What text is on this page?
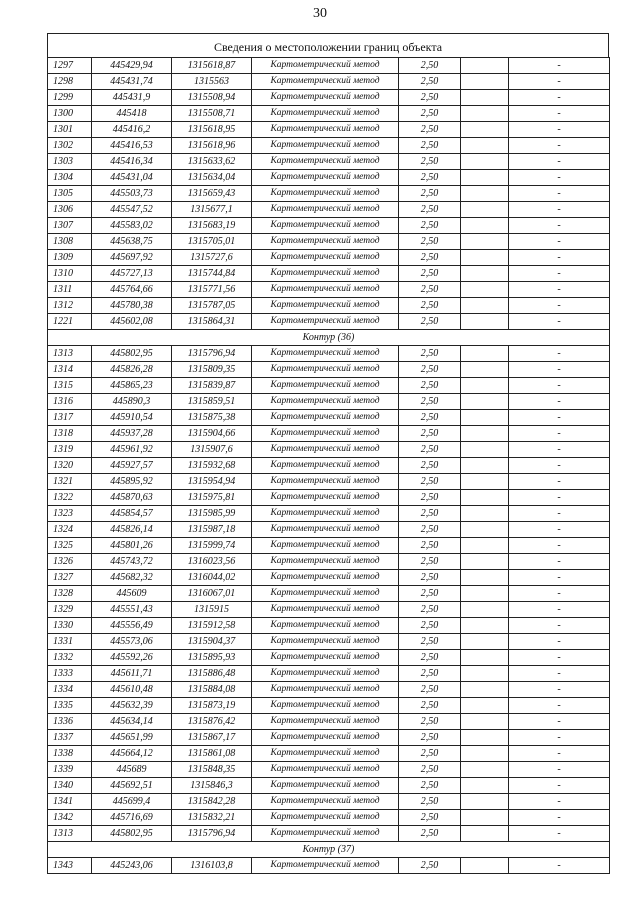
30
Сведения о местоположении границ объекта
1297	445429,94	1315618,87	Картометрический метод	2,50		-
1298	445431,74	1315563	Картометрический метод	2,50		-
1299	445431,9	1315508,94	Картометрический метод	2,50		-
1300	445418	1315508,71	Картометрический метод	2,50		-
1301	445416,2	1315618,95	Картометрический метод	2,50		-
1302	445416,53	1315618,96	Картометрический метод	2,50		-
1303	445416,34	1315633,62	Картометрический метод	2,50		-
1304	445431,04	1315634,04	Картометрический метод	2,50		-
1305	445503,73	1315659,43	Картометрический метод	2,50		-
1306	445547,52	1315677,1	Картометрический метод	2,50		-
1307	445583,02	1315683,19	Картометрический метод	2,50		-
1308	445638,75	1315705,01	Картометрический метод	2,50		-
1309	445697,92	1315727,6	Картометрический метод	2,50		-
1310	445727,13	1315744,84	Картометрический метод	2,50		-
1311	445764,66	1315771,56	Картометрический метод	2,50		-
1312	445780,38	1315787,05	Картометрический метод	2,50		-
1221	445602,08	1315864,31	Картометрический метод	2,50		-
Контур (36)						
1313	445802,95	1315796,94	Картометрический метод	2,50		-
1314	445826,28	1315809,35	Картометрический метод	2,50		-
1315	445865,23	1315839,87	Картометрический метод	2,50		-
1316	445890,3	1315859,51	Картометрический метод	2,50		-
1317	445910,54	1315875,38	Картометрический метод	2,50		-
1318	445937,28	1315904,66	Картометрический метод	2,50		-
1319	445961,92	1315907,6	Картометрический метод	2,50		-
1320	445927,57	1315932,68	Картометрический метод	2,50		-
1321	445895,92	1315954,94	Картометрический метод	2,50		-
1322	445870,63	1315975,81	Картометрический метод	2,50		-
1323	445854,57	1315985,99	Картометрический метод	2,50		-
1324	445826,14	1315987,18	Картометрический метод	2,50		-
1325	445801,26	1315999,74	Картометрический метод	2,50		-
1326	445743,72	1316023,56	Картометрический метод	2,50		-
1327	445682,32	1316044,02	Картометрический метод	2,50		-
1328	445609	1316067,01	Картометрический метод	2,50		-
1329	445551,43	1315915	Картометрический метод	2,50		-
1330	445556,49	1315912,58	Картометрический метод	2,50		-
1331	445573,06	1315904,37	Картометрический метод	2,50		-
1332	445592,26	1315895,93	Картометрический метод	2,50		-
1333	445611,71	1315886,48	Картометрический метод	2,50		-
1334	445610,48	1315884,08	Картометрический метод	2,50		-
1335	445632,39	1315873,19	Картометрический метод	2,50		-
1336	445634,14	1315876,42	Картометрический метод	2,50		-
1337	445651,99	1315867,17	Картометрический метод	2,50		-
1338	445664,12	1315861,08	Картометрический метод	2,50		-
1339	445689	1315848,35	Картометрический метод	2,50		-
1340	445692,51	1315846,3	Картометрический метод	2,50		-
1341	445699,4	1315842,28	Картометрический метод	2,50		-
1342	445716,69	1315832,21	Картометрический метод	2,50		-
1313	445802,95	1315796,94	Картометрический метод	2,50		-
Контур (37)						
1343	445243,06	1316103,8	Картометрический метод	2,50		-
